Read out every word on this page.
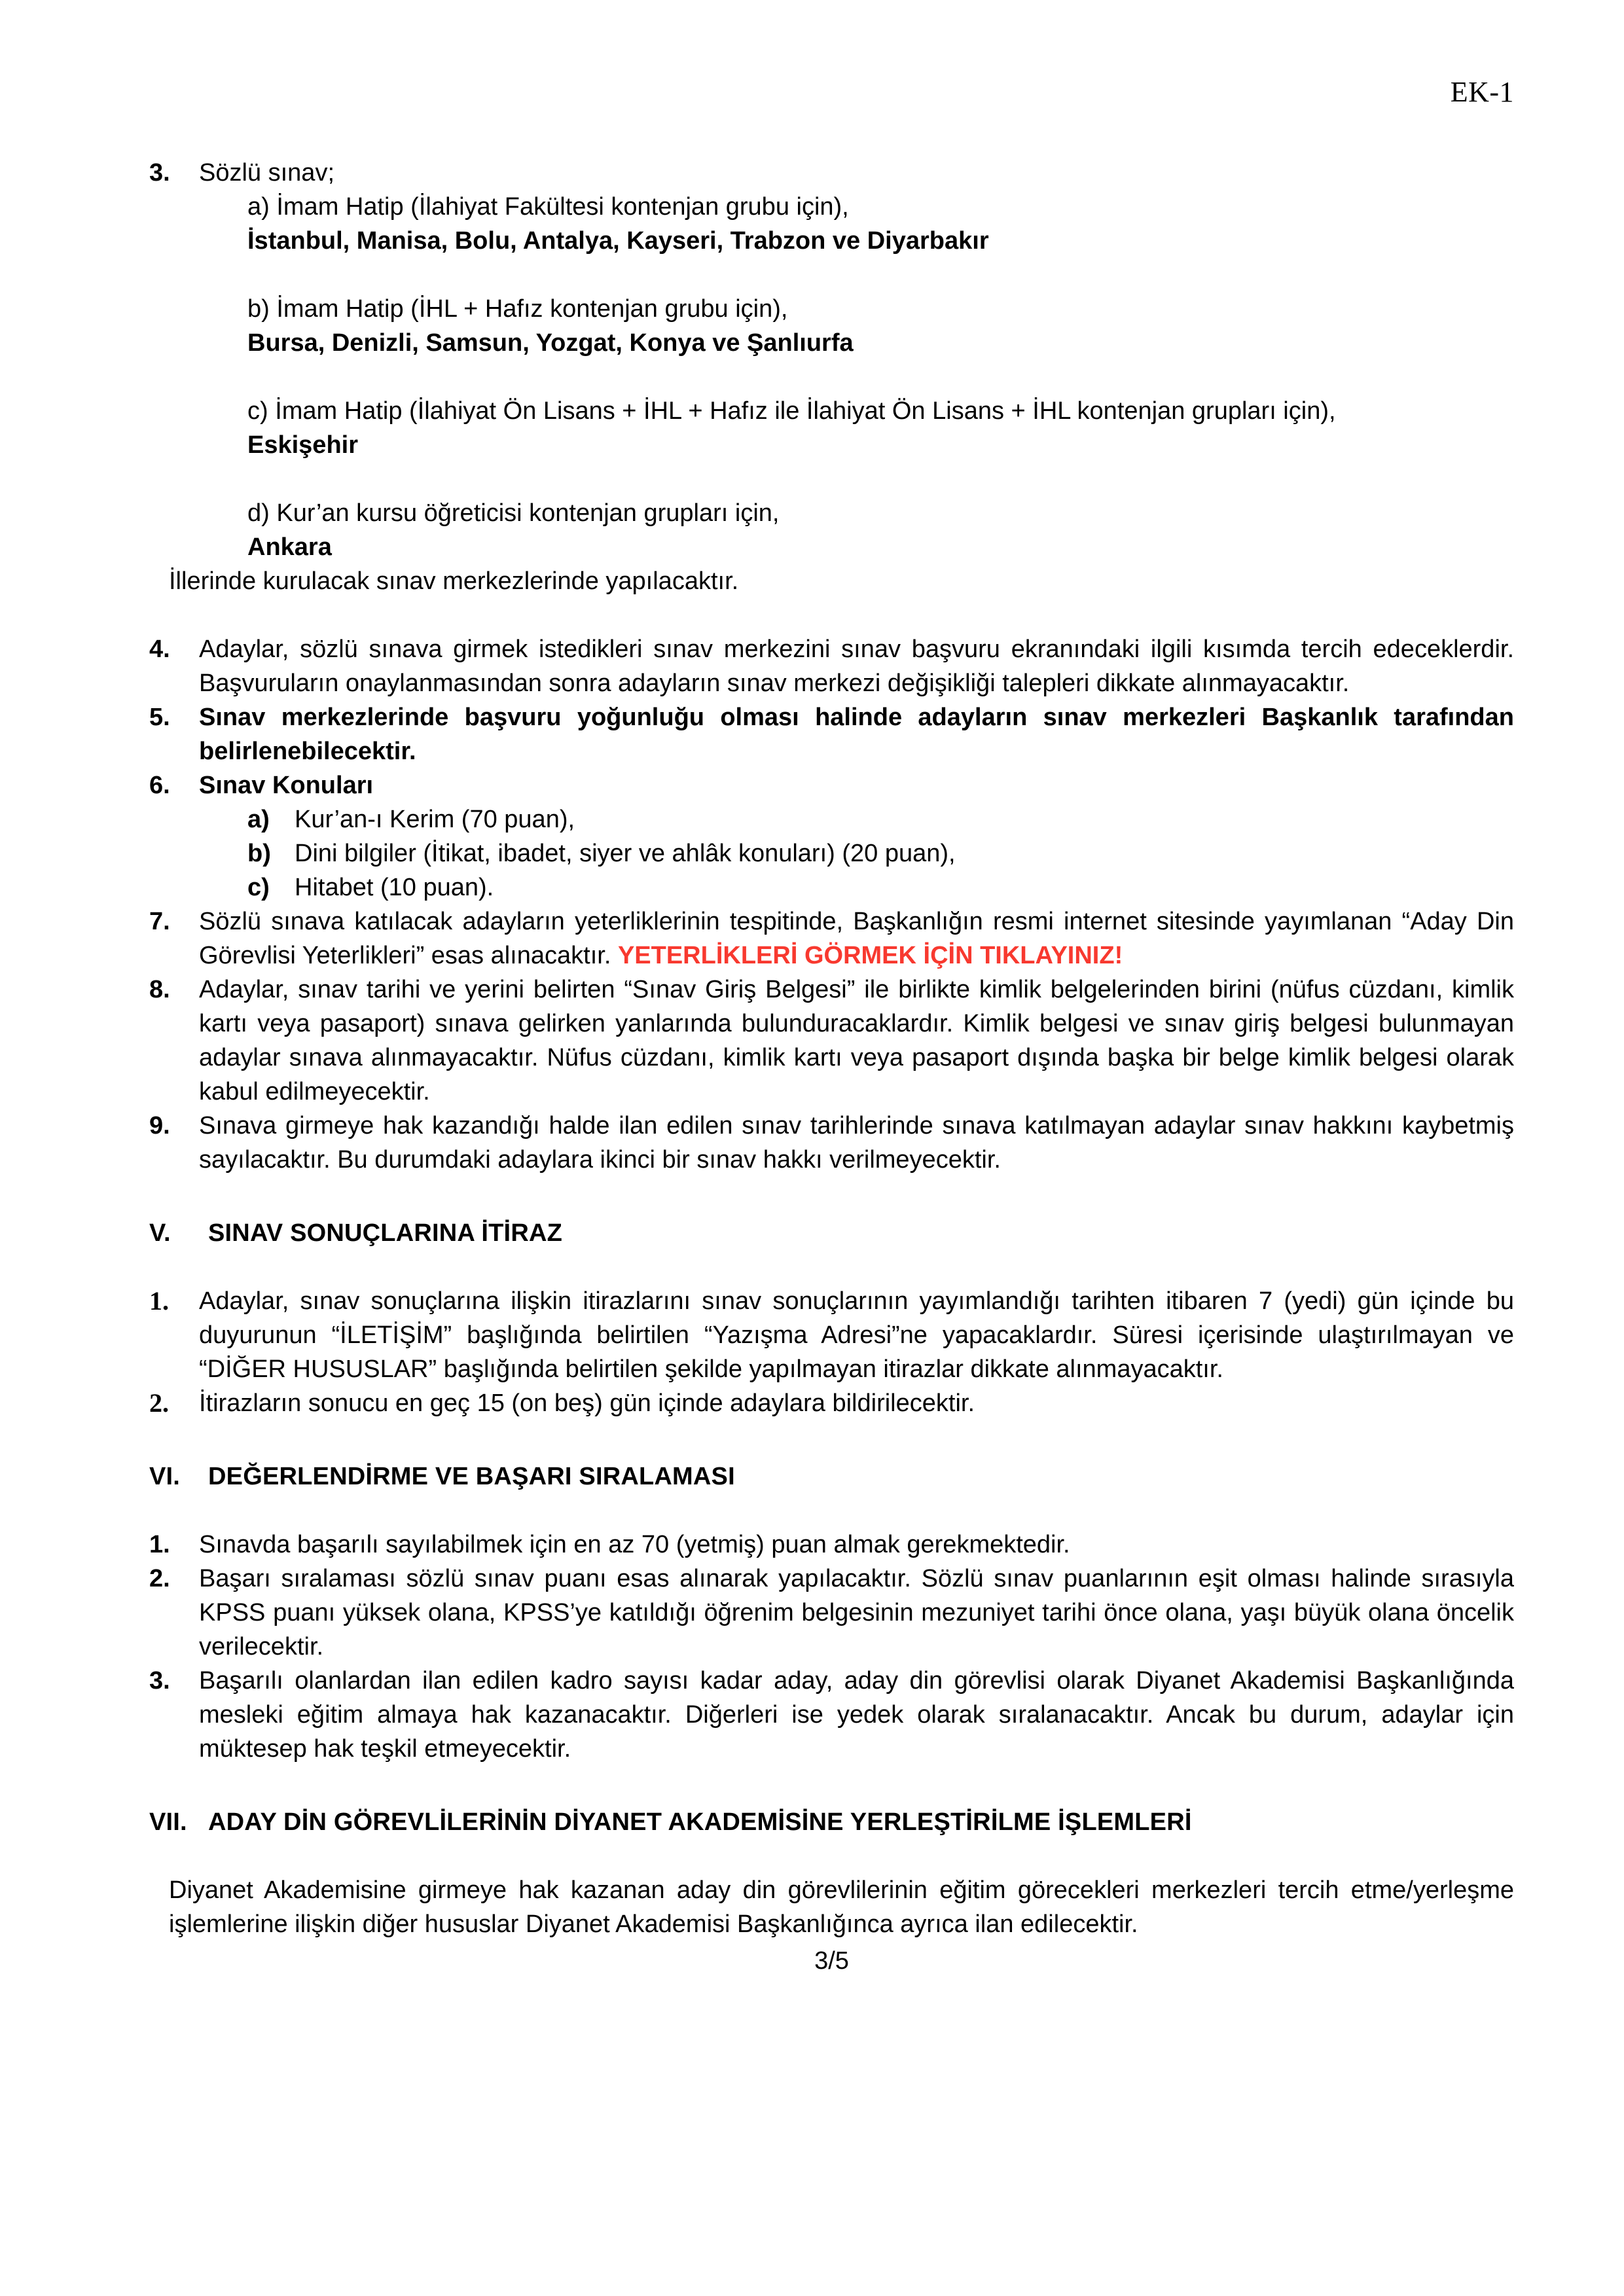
EK-1
3.	Sözlü sınav;
a) İmam Hatip (İlahiyat Fakültesi kontenjan grubu için),
İstanbul, Manisa, Bolu, Antalya, Kayseri, Trabzon ve Diyarbakır
b) İmam Hatip (İHL + Hafız kontenjan grubu için),
Bursa, Denizli, Samsun, Yozgat, Konya ve Şanlıurfa
c) İmam Hatip (İlahiyat Ön Lisans + İHL + Hafız ile İlahiyat Ön Lisans + İHL kontenjan grupları için),
Eskişehir
d) Kur’an kursu öğreticisi kontenjan grupları için,
Ankara
İllerinde kurulacak sınav merkezlerinde yapılacaktır.
4.	Adaylar, sözlü sınava girmek istedikleri sınav merkezini sınav başvuru ekranındaki ilgili kısımda tercih edeceklerdir. Başvuruların onaylanmasından sonra adayların sınav merkezi değişikliği talepleri dikkate alınmayacaktır.
5.	Sınav merkezlerinde başvuru yoğunluğu olması halinde adayların sınav merkezleri Başkanlık tarafından belirlenebilecektir.
6.	Sınav Konuları
a) Kur’an-ı Kerim (70 puan),
b) Dini bilgiler (İtikat, ibadet, siyer ve ahlâk konuları) (20 puan),
c) Hitabet (10 puan).
7.	Sözlü sınava katılacak adayların yeterliklerinin tespitinde, Başkanlığın resmi internet sitesinde yayımlanan “Aday Din Görevlisi Yeterlikleri” esas alınacaktır. YETERLİKLERİ GÖRMEK İÇİN TIKLAYINIZ!
8.	Adaylar, sınav tarihi ve yerini belirten “Sınav Giriş Belgesi” ile birlikte kimlik belgelerinden birini (nüfus cüzdanı, kimlik kartı veya pasaport) sınava gelirken yanlarında bulunduracaklardır. Kimlik belgesi ve sınav giriş belgesi bulunmayan adaylar sınava alınmayacaktır. Nüfus cüzdanı, kimlik kartı veya pasaport dışında başka bir belge kimlik belgesi olarak kabul edilmeyecektir.
9.	Sınava girmeye hak kazandığı halde ilan edilen sınav tarihlerinde sınava katılmayan adaylar sınav hakkını kaybetmiş sayılacaktır. Bu durumdaki adaylara ikinci bir sınav hakkı verilmeyecektir.
V. SINAV SONUÇLARINA İTİRAZ
1.	Adaylar, sınav sonuçlarına ilişkin itirazlarını sınav sonuçlarının yayımlandığı tarihten itibaren 7 (yedi) gün içinde bu duyurunun “İLETİŞİM” başlığında belirtilen “Yazışma Adresi”ne yapacaklardır. Süresi içerisinde ulaştırılmayan ve “DİĞER HUSUSLAR” başlığında belirtilen şekilde yapılmayan itirazlar dikkate alınmayacaktır.
2.	İtirazların sonucu en geç 15 (on beş) gün içinde adaylara bildirilecektir.
VI. DEĞERLENDİRME VE BAŞARI SIRALAMASI
1.	Sınavda başarılı sayılabilmek için en az 70 (yetmiş) puan almak gerekmektedir.
2.	Başarı sıralaması sözlü sınav puanı esas alınarak yapılacaktır. Sözlü sınav puanlarının eşit olması halinde sırasıyla KPSS puanı yüksek olana, KPSS’ye katıldığı öğrenim belgesinin mezuniyet tarihi önce olana, yaşı büyük olana öncelik verilecektir.
3.	Başarılı olanlardan ilan edilen kadro sayısı kadar aday, aday din görevlisi olarak Diyanet Akademisi Başkanlığında mesleki eğitim almaya hak kazanacaktır. Diğerleri ise yedek olarak sıralanacaktır. Ancak bu durum, adaylar için müktesep hak teşkil etmeyecektir.
VII. ADAY DİN GÖREVLİLERİNİN DİYANET AKADEMİSİNE YERLEŞTİRİLME İŞLEMLERİ
Diyanet Akademisine girmeye hak kazanan aday din görevlilerinin eğitim görecekleri merkezleri tercih etme/yerleşme işlemlerine ilişkin diğer hususlar Diyanet Akademisi Başkanlığınca ayrıca ilan edilecektir.
3/5
